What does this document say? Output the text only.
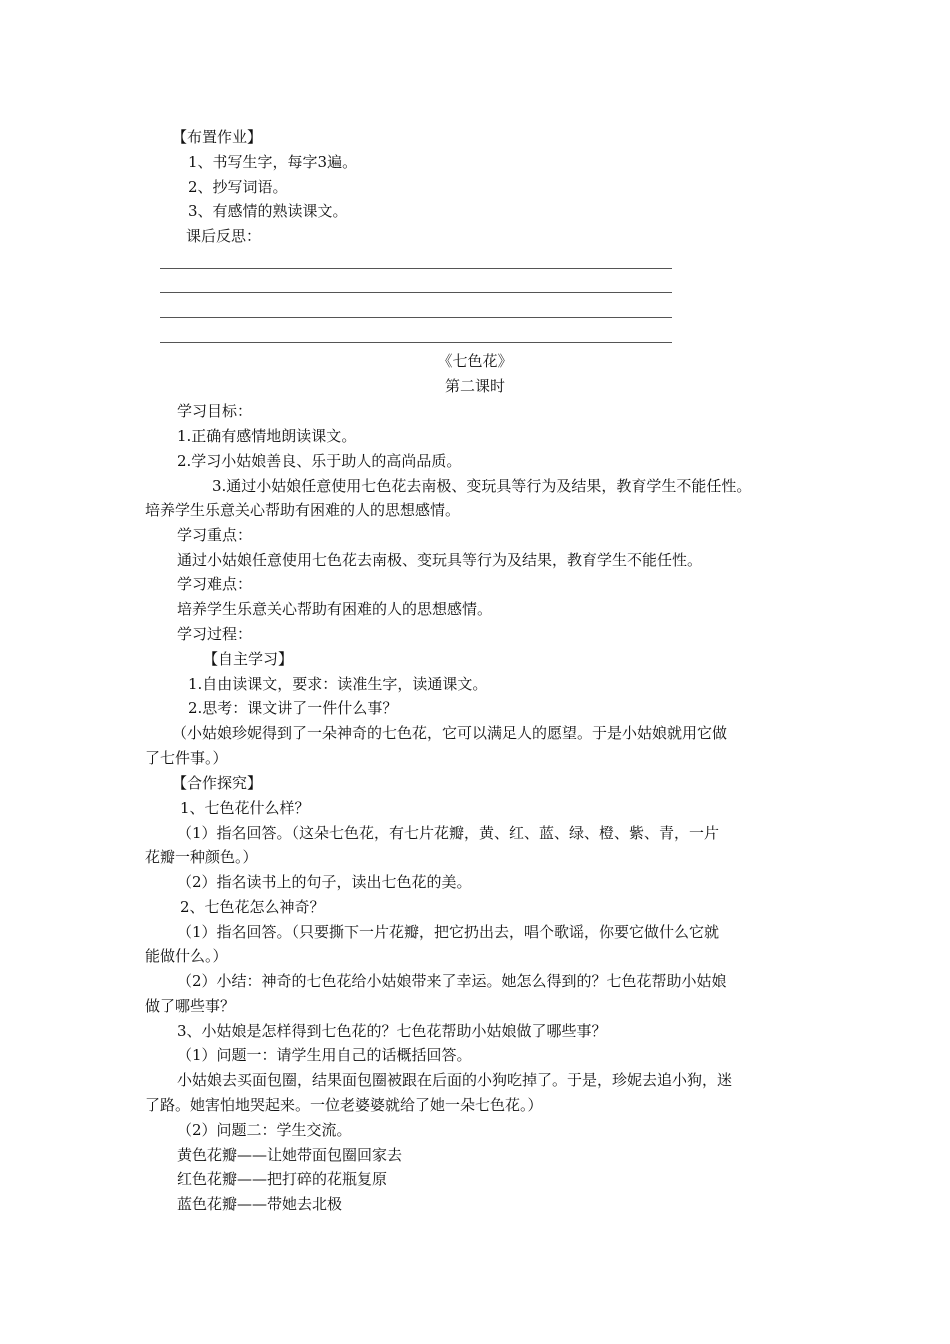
【布置作业】
1、书写生字，每字3遍。
2、抄写词语。
3、有感情的熟读课文。
课后反思：
《七色花》
第二课时
学习目标：
1.正确有感情地朗读课文。
2.学习小姑娘善良、乐于助人的高尚品质。
3.通过小姑娘任意使用七色花去南极、变玩具等行为及结果，教育学生不能任性。
培养学生乐意关心帮助有困难的人的思想感情。
学习重点：
通过小姑娘任意使用七色花去南极、变玩具等行为及结果，教育学生不能任性。
学习难点：
培养学生乐意关心帮助有困难的人的思想感情。
学习过程：
【自主学习】
1.自由读课文，要求：读准生字，读通课文。
2.思考：课文讲了一件什么事？
（小姑娘珍妮得到了一朵神奇的七色花，它可以满足人的愿望。于是小姑娘就用它做
了七件事。）
【合作探究】
1、七色花什么样？
（1）指名回答。（这朵七色花，有七片花瓣，黄、红、蓝、绿、橙、紫、青，一片
花瓣一种颜色。）
（2）指名读书上的句子，读出七色花的美。
2、七色花怎么神奇？
（1）指名回答。（只要撕下一片花瓣，把它扔出去，唱个歌谣，你要它做什么它就
能做什么。）
（2）小结：神奇的七色花给小姑娘带来了幸运。她怎么得到的？七色花帮助小姑娘
做了哪些事？
3、小姑娘是怎样得到七色花的？七色花帮助小姑娘做了哪些事？
（1）问题一：请学生用自己的话概括回答。
小姑娘去买面包圈，结果面包圈被跟在后面的小狗吃掉了。于是，珍妮去追小狗，迷
了路。她害怕地哭起来。一位老婆婆就给了她一朵七色花。）
（2）问题二：学生交流。
黄色花瓣——让她带面包圈回家去
红色花瓣——把打碎的花瓶复原
蓝色花瓣——带她去北极
